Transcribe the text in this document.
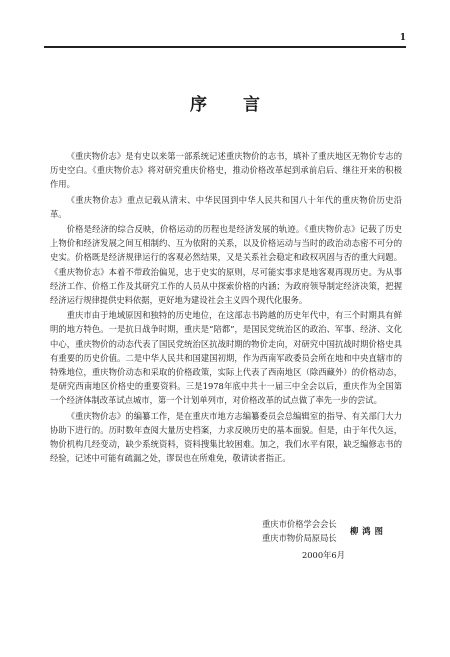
1
序言

《重庆物价志》是有史以来第一部系统记述重庆物价的志书，填补了重庆地区无物价专志的历史空白。《重庆物价志》将对研究重庆价格史，推动价格改革起到承前启后、继往开来的积极作用。

《重庆物价志》重点记载从清末、中华民国到中华人民共和国八十年代的重庆物价历史沿革。

价格是经济的综合反映，价格运动的历程也是经济发展的轨迹。《重庆物价志》记载了历史上物价和经济发展之间互相制约、互为依附的关系，以及价格运动与当时的政治动态密不可分的史实。价格既是经济规律运行的客观必然结果，又是关系社会稳定和政权巩固与否的重大问题。《重庆物价志》本着不带政治偏见，忠于史实的原则，尽可能实事求是地客观再现历史。为从事经济工作、价格工作及其研究工作的人员从中探索价格的内涵；为政府领导制定经济决策，把握经济运行规律提供史料依据，更好地为建设社会主义四个现代化服务。

重庆市由于地域原因和独特的历史地位，在这部志书跨越的历史年代中，有三个时期具有鲜明的地方特色。一是抗日战争时期，重庆是“陪都”，是国民党统治区的政治、军事、经济、文化中心，重庆物价的动态代表了国民党统治区抗战时期的物价走向，对研究中国抗战时期价格史具有重要的历史价值。二是中华人民共和国建国初期，作为西南军政委员会所在地和中央直辖市的特殊地位，重庆物价动态和采取的价格政策，实际上代表了西南地区（除西藏外）的价格动态，是研究西南地区价格史的重要资料。三是1978年底中共十一届三中全会以后，重庆作为全国第一个经济体制改革试点城市，第一个计划单列市，对价格改革的试点做了率先一步的尝试。

《重庆物价志》的编纂工作，是在重庆市地方志编纂委员会总编辑室的指导、有关部门大力协助下进行的。历时数年查阅大量历史档案，力求反映历史的基本面貌。但是，由于年代久远，物价机构几经变动，缺少系统资料，资料搜集比较困难。加之，我们水平有限，缺乏编修志书的经验，记述中可能有疏漏之处，谬误也在所难免，敬请读者指正。

重庆市价格学会会长
重庆市物价局原局长
柳鸿图
2000年6月
